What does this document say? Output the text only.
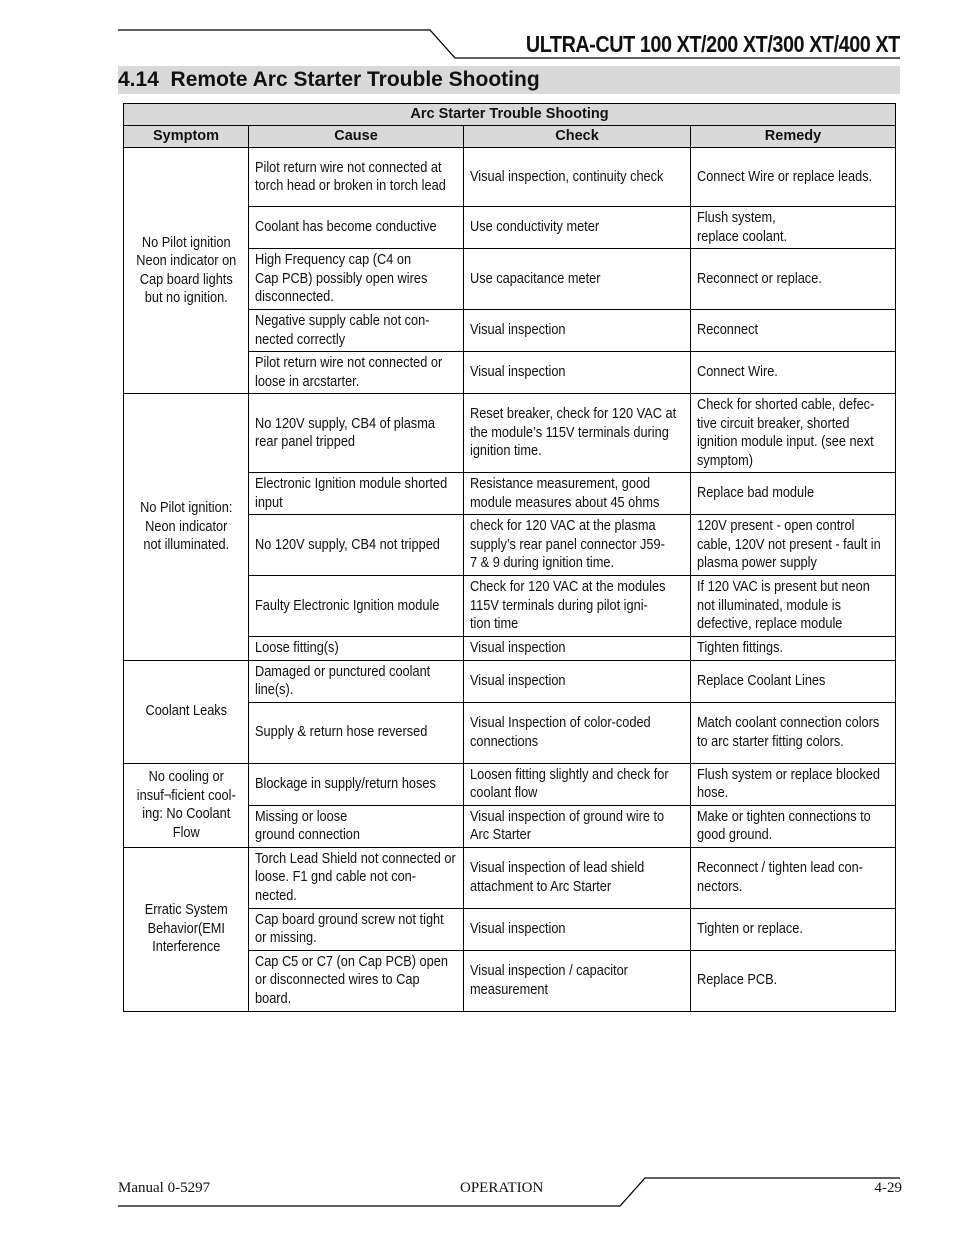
ULTRA-CUT 100 XT/200 XT/300 XT/400 XT
4.14 Remote Arc Starter Trouble Shooting
Arc Starter Trouble Shooting			
Symptom	Cause	Check	Remedy

No Pilot ignition
Neon indicator on
Cap board lights
but no ignition.	Pilot return wire not connected at torch head or broken in torch lead	Visual inspection, continuity check	Connect Wire or replace leads.

	Coolant has become conductive	Use conductivity meter	Flush system,
replace coolant.

	High Frequency cap (C4 on
Cap PCB) possibly open wires disconnected.	Use capacitance meter	Reconnect or replace.

	Negative supply cable not con-
nected correctly	Visual inspection	Reconnect

	Pilot return wire not connected or loose in arcstarter.	Visual inspection	Connect Wire.

No Pilot ignition:
Neon indicator
not illuminated.	No 120V supply, CB4 of plasma rear panel tripped	Reset breaker, check for 120 VAC at the module’s 115V terminals during ignition time.	Check for shorted cable, defec-
tive circuit breaker, shorted ignition module input. (see next symptom)

	Electronic Ignition module shorted input	Resistance measurement, good module measures about 45 ohms	Replace bad module

	No 120V supply, CB4 not tripped	check for 120 VAC at the plasma supply’s rear panel connector J59-
7 & 9 during ignition time.	120V present - open control cable, 120V not present - fault in plasma power supply

	Faulty Electronic Ignition module	Check for 120 VAC at the modules 115V terminals during pilot igni-
tion time	If 120 VAC is present but neon not illuminated, module is defective, replace module

	Loose fitting(s)	Visual inspection	Tighten fittings.

Coolant Leaks	Damaged or punctured coolant line(s).	Visual inspection	Replace Coolant Lines

	Supply & return hose reversed	Visual Inspection of color-coded connections	Match coolant connection colors
to arc starter fitting colors.

No cooling or
insuf¬ficient cool-
ing: No Coolant
Flow	Blockage in supply/return hoses	Loosen fitting slightly and check for coolant flow	Flush system or replace blocked hose.

	Missing or loose
ground connection	Visual inspection of ground wire to Arc Starter	Make or tighten connections to good ground.

Erratic System
Behavior(EMI
Interference	Torch Lead Shield not connected or loose. F1 gnd cable not con-
nected.	Visual inspection of lead shield attachment to Arc Starter	Reconnect / tighten lead con-
nectors.

	Cap board ground screw not tight or missing.	Visual inspection	Tighten or replace.

	Cap C5 or C7 (on Cap PCB) open or disconnected wires to Cap board.	Visual inspection / capacitor measurement	Replace PCB.
Manual 0-5297	OPERATION	4-29
